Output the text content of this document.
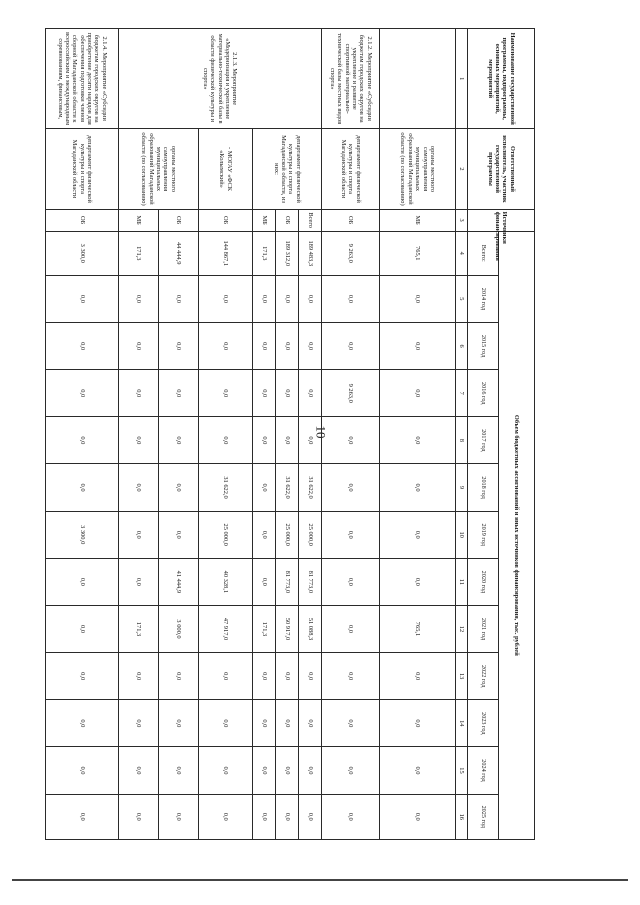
10
Наименование государственной программы, подпрограммы, основных мероприятий, мероприятий	Ответственный исполнитель, участник государственной программы	Источники финансирования	Объем бюджетных ассигнований и иных источников финансирования, тыс. рублей												
			Всего:	2014 год	2015 год	2016 год	2017 год	2018 год	2019 год	2020 год	2021 год	2022 год	2023 год	2024 год	2025 год
1	2	3	4	5	6	7	8	9	10	11	12	13	14	15	16
	органы местного самоуправления муниципальных образований Магаданской области (по согласованию)	МБ	765,1	0,0	0,0	0,0	0,0	0,0	0,0	0,0	765,1	0,0	0,0	0,0	0,0
2.1.2. Мероприятие «Субсидии бюджетам городских округов на укрепление и развитие спортивной материально-технической базы местных видов спорта»	департамент физической культуры и спорта Магаданской области	ОБ	9 263,0	0,0	0,0	9 263,0	0,0	0,0	0,0	0,0	0,0	0,0	0,0	0,0	0,0
2.1.3. Мероприятие «Модернизация и укрепление материально-технической базы в области физической культуры и спорта»	департамент физической культуры и спорта Магаданской области, из них:	Всего	189 483,3	0,0	0,0	0,0	0,0	31 622,0	25 000,0	81 773,0	51 088,3	0,0	0,0	0,0	0,0
		ОБ	189 312,0	0,0	0,0	0,0	0,0	31 622,0	25 000,0	81 773,0	50 917,0	0,0	0,0	0,0	0,0
		МБ	171,3	0,0	0,0	0,0	0,0	0,0	0,0	0,0	171,3	0,0	0,0	0,0	0,0
	- МОГАУ «ФСК «Колымский»	ОБ	144 867,1	0,0	0,0	0,0	0,0	31 622,0	25 000,0	40 328,1	47 917,0	0,0	0,0	0,0	0,0
	органы местного самоуправления муниципальных образований Магаданской области (по согласованию)	ОБ	44 444,9	0,0	0,0	0,0	0,0	0,0	0,0	41 444,9	3 000,0	0,0	0,0	0,0	0,0
		МБ	171,3	0,0	0,0	0,0	0,0	0,0	0,0	0,0	171,3	0,0	0,0	0,0	0,0
2.1.4. Мероприятие «Субсидии бюджетам городских округов на приобретение десяти нарядов для обеспечения подготовки членов сборной Магаданской области к всероссийским и международным соревнованиям, финансовым,	департамент физической культуры и спорта Магаданской области	ОБ	3 300,0	0,0	0,0	0,0	0,0	0,0	3 300,0	0,0	0,0	0,0	0,0	0,0	0,0
